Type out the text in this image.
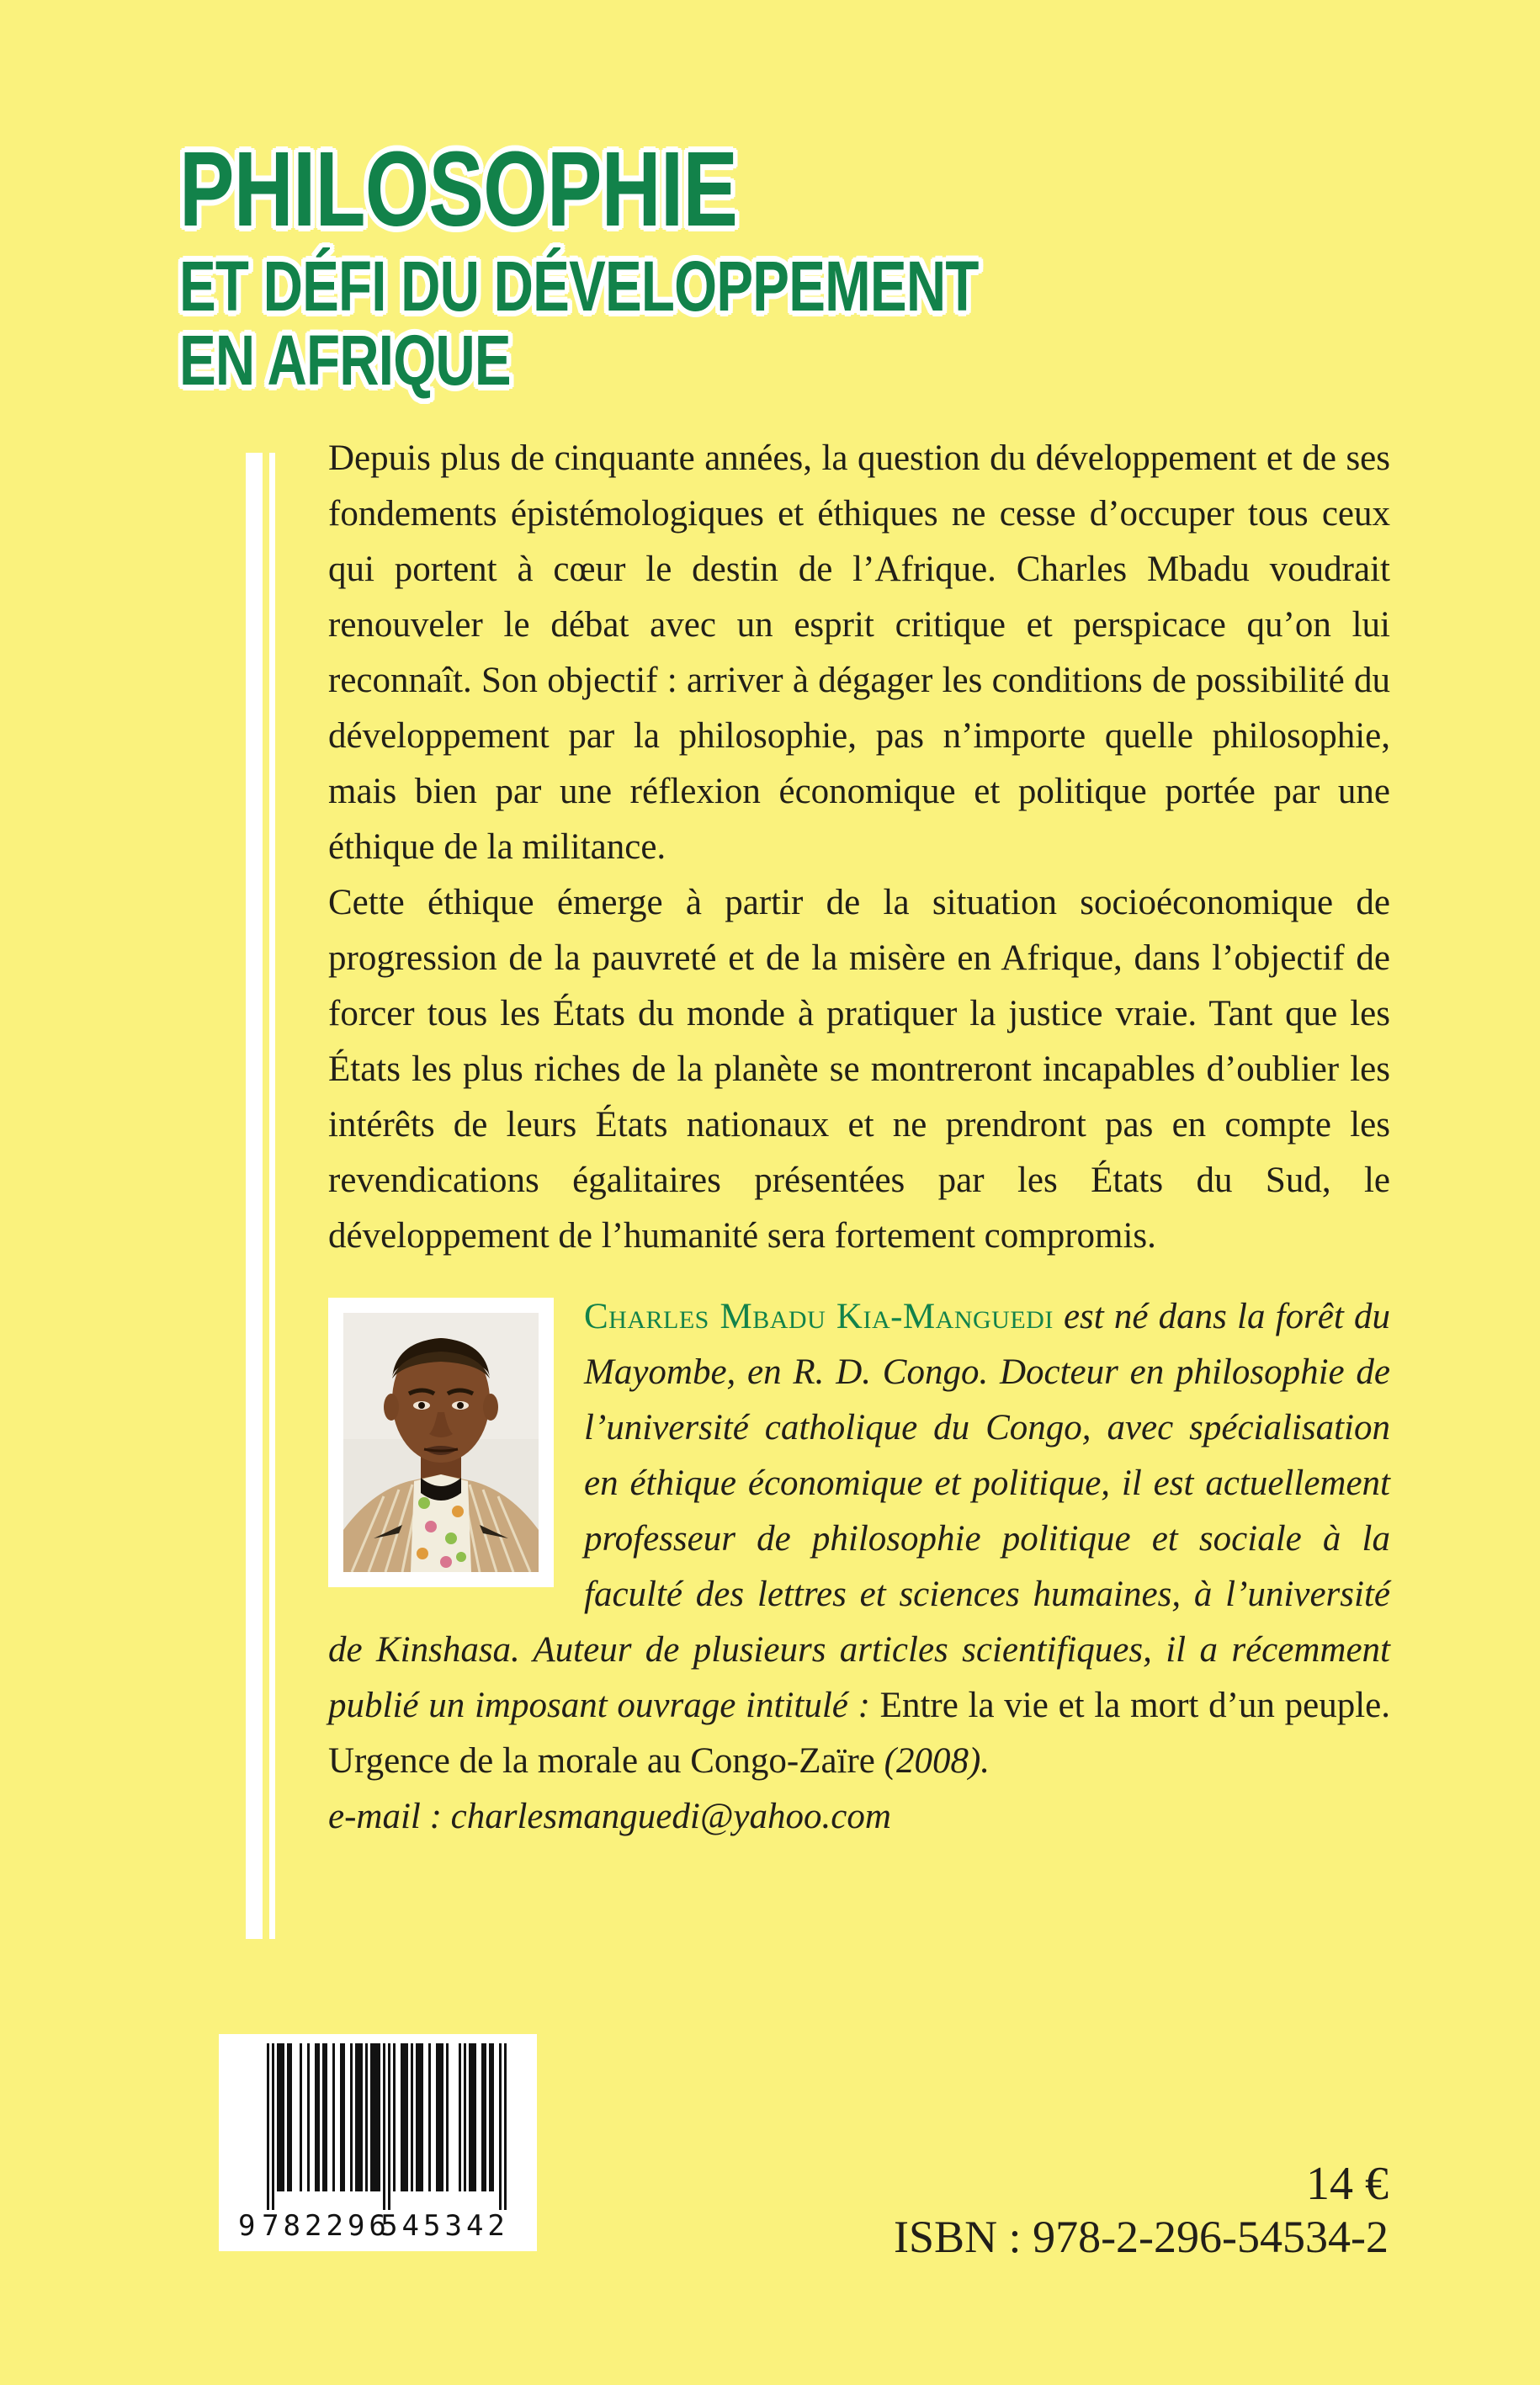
PHILOSOPHIE
ET DÉFI DU DÉVELOPPEMENT
EN AFRIQUE

Depuis plus de cinquante années, la question du développement et de ses fondements épistémologiques et éthiques ne cesse d’occuper tous ceux qui portent à cœur le destin de l’Afrique. Charles Mbadu voudrait renouveler le débat avec un esprit critique et perspicace qu’on lui reconnaît. Son objectif : arriver à dégager les conditions de possibilité du développement par la philosophie, pas n’importe quelle philosophie, mais bien par une réflexion économique et politique portée par une éthique de la militance.

Cette éthique émerge à partir de la situation socioéconomique de progression de la pauvreté et de la misère en Afrique, dans l’objectif de forcer tous les États du monde à pratiquer la justice vraie. Tant que les États les plus riches de la planète se montreront incapables d’oublier les intérêts de leurs États nationaux et ne prendront pas en compte les revendications égalitaires présentées par les États du Sud, le développement de l’humanité sera fortement compromis.

Charles Mbadu Kia-Manguedi est né dans la forêt du Mayombe, en R. D. Congo. Docteur en philosophie de l’université catholique du Congo, avec spécialisation en éthique économique et politique, il est actuellement professeur de philosophie politique et sociale à la faculté des lettres et sciences humaines, à l’université de Kinshasa. Auteur de plusieurs articles scientifiques, il a récemment publié un imposant ouvrage intitulé : Entre la vie et la mort d’un peuple. Urgence de la morale au Congo-Zaïre (2008).

e-mail : charlesmanguedi@yahoo.com

9 782296
545342
14 €
ISBN : 978-2-296-54534-2
